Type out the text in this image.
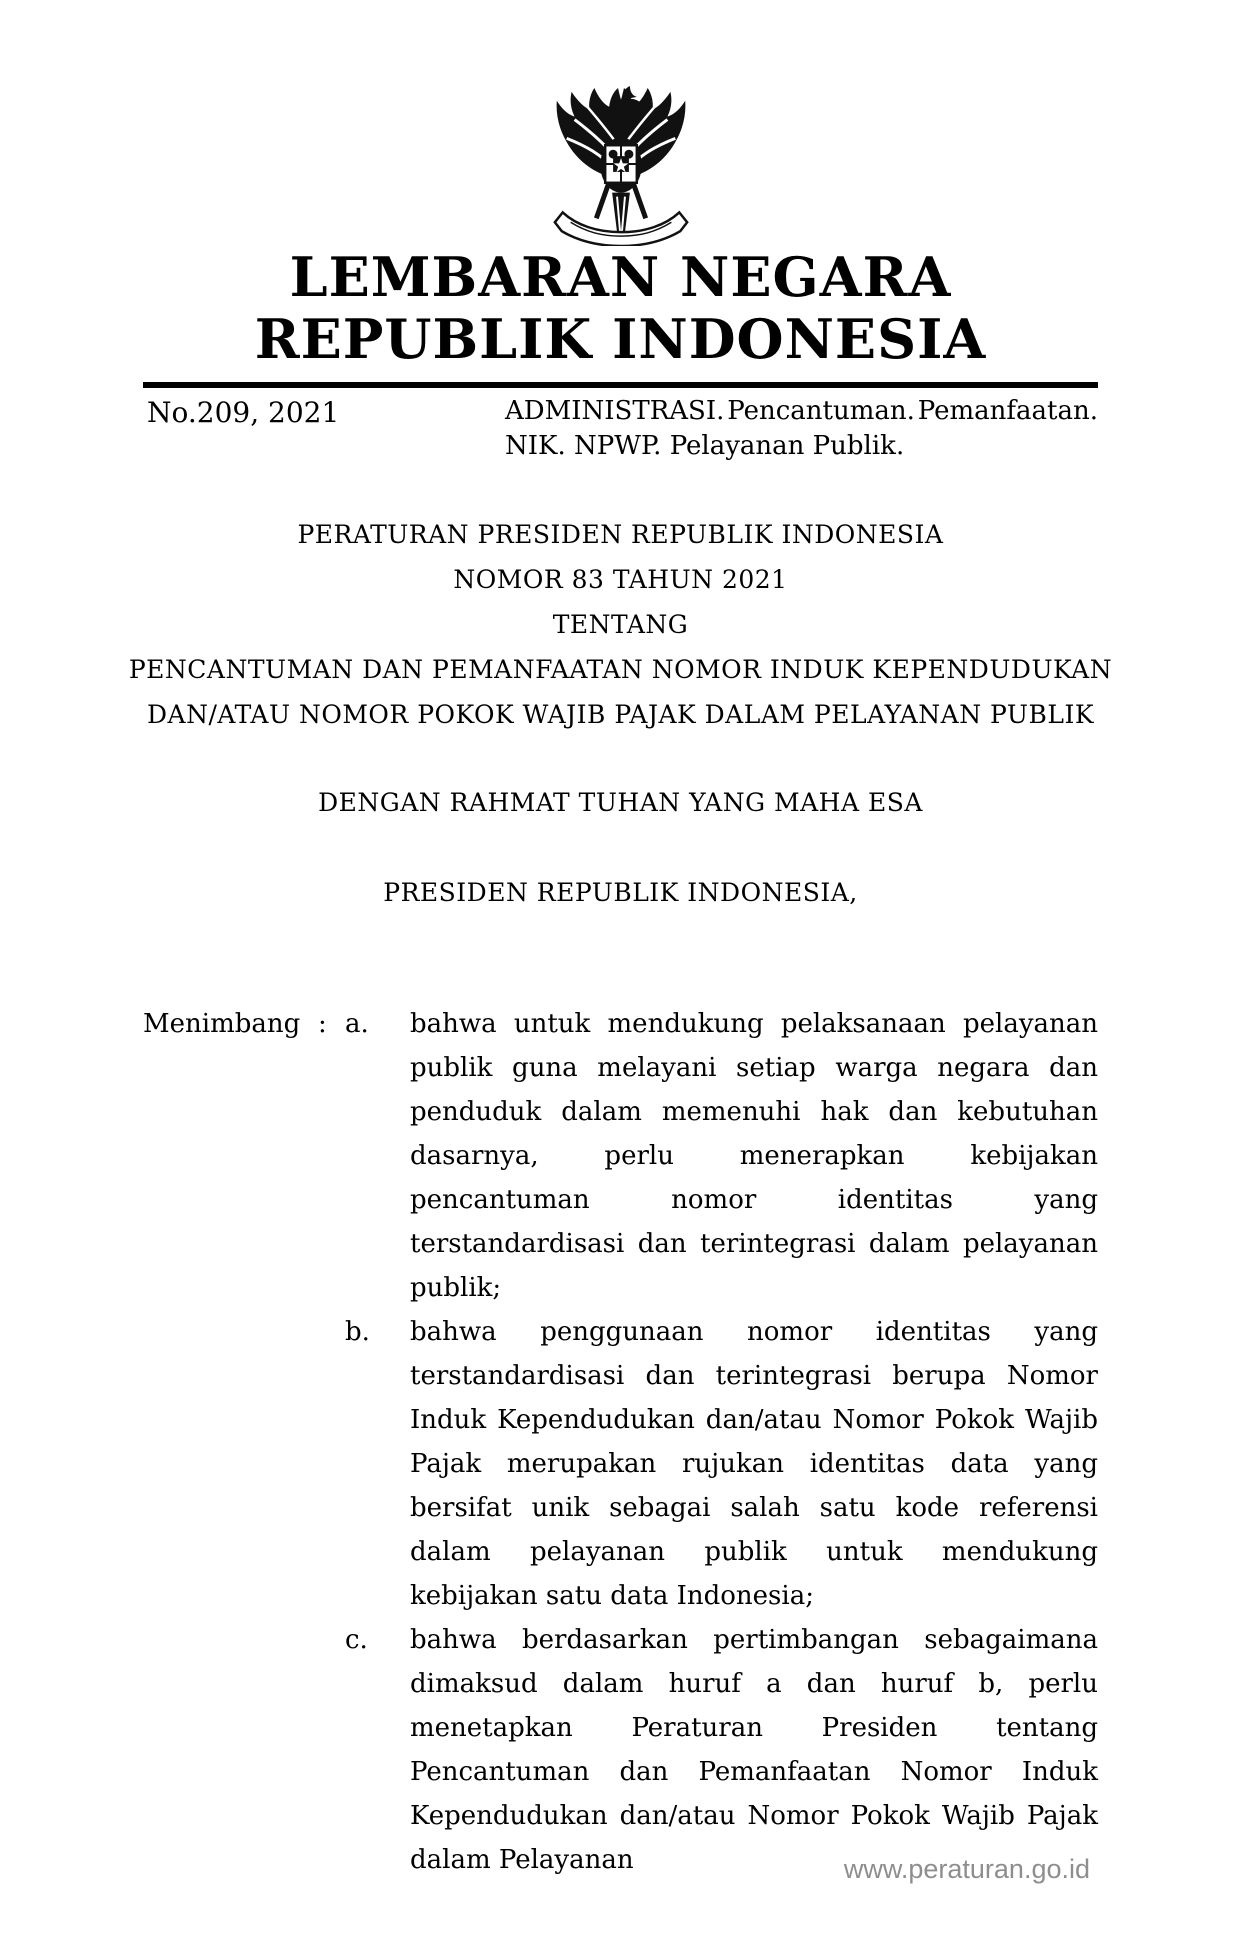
LEMBARAN NEGARA
REPUBLIK INDONESIA
No.209, 2021	ADMINISTRASI. Pencantuman. Pemanfaatan.
NIK. NPWP. Pelayanan Publik.
PERATURAN PRESIDEN REPUBLIK INDONESIA
NOMOR 83 TAHUN 2021
TENTANG
PENCANTUMAN DAN PEMANFAATAN NOMOR INDUK KEPENDUDUKAN
DAN/ATAU NOMOR POKOK WAJIB PAJAK DALAM PELAYANAN PUBLIK
DENGAN RAHMAT TUHAN YANG MAHA ESA
PRESIDEN REPUBLIK INDONESIA,
Menimbang : a.	bahwa untuk mendukung pelaksanaan pelayanan publik guna melayani setiap warga negara dan penduduk dalam memenuhi hak dan kebutuhan dasarnya, perlu menerapkan kebijakan pencantuman nomor identitas yang terstandardisasi dan terintegrasi dalam pelayanan publik;
b.	bahwa penggunaan nomor identitas yang terstandardisasi dan terintegrasi berupa Nomor Induk Kependudukan dan/atau Nomor Pokok Wajib Pajak merupakan rujukan identitas data yang bersifat unik sebagai salah satu kode referensi dalam pelayanan publik untuk mendukung kebijakan satu data Indonesia;
c.	bahwa berdasarkan pertimbangan sebagaimana dimaksud dalam huruf a dan huruf b, perlu menetapkan Peraturan Presiden tentang Pencantuman dan Pemanfaatan Nomor Induk Kependudukan dan/atau Nomor Pokok Wajib Pajak dalam Pelayanan	www.peraturan.go.id
